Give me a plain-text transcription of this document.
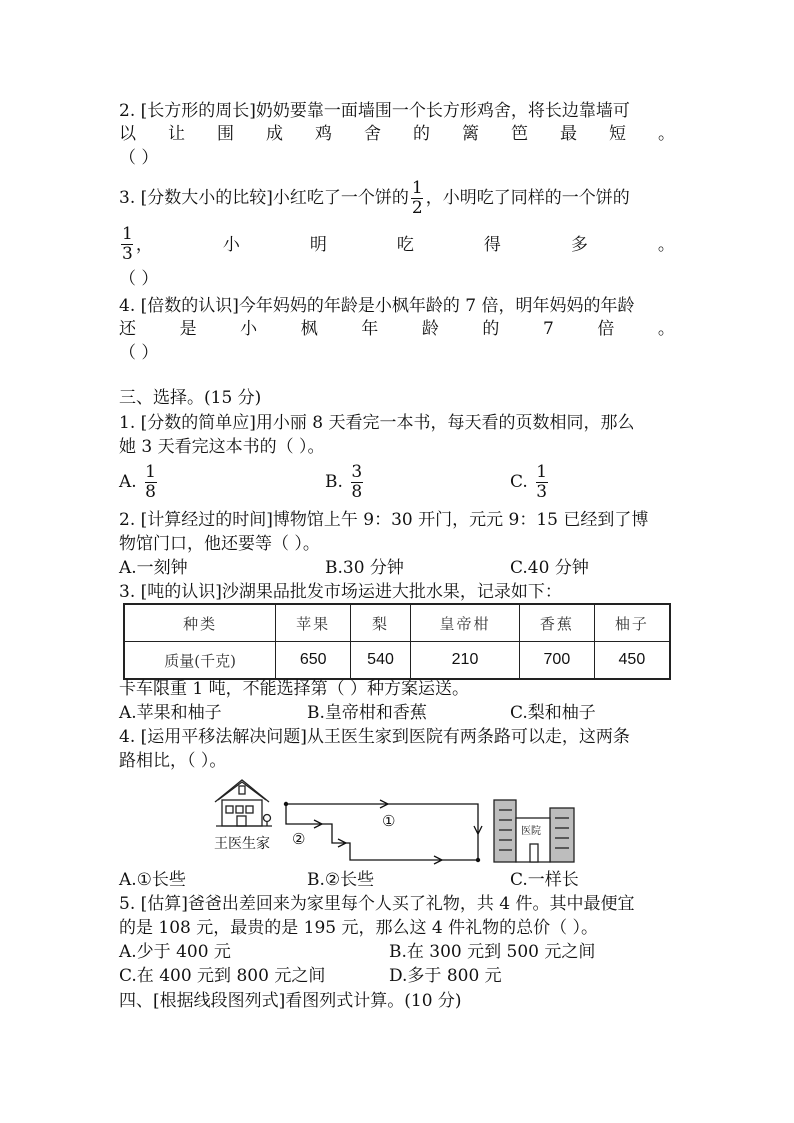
2. [长方形的周长]奶奶要靠一面墙围一个长方形鸡舍，将长边靠墙可
以 让 围 成 鸡 舍 的 篱 笆 最 短 。
（ ）
3. [分数大小的比较]小红吃了一个饼的 $\frac{1}{2}$ ，小明吃了同样的一个饼的
$\frac{1}{3}$ ，	小	明	吃	得	多	。
（ ）
4. [倍数的认识]今年妈妈的年龄是小枫年龄的 7 倍，明年妈妈的年龄
还	是	小	枫	年	龄	的	7	倍	。
（ ）
三、选择。(15 分)
1. [分数的简单应]用小丽 8 天看完一本书，每天看的页数相同，那么
她 3 天看完这本书的（ ）。
A. $\frac{1}{8}$	B. $\frac{3}{8}$	C. $\frac{1}{3}$
2. [计算经过的时间]博物馆上午 9：30 开门，元元 9：15 已经到了博
物馆门口，他还要等（ ）。
A.一刻钟	B.30 分钟	C.40 分钟
3. [吨的认识]沙湖果品批发市场运进大批水果，记录如下：
种类	苹果	梨	皇帝柑	香蕉	柚子
质量(千克)	650	540	210	700	450
卡车限重 1 吨，不能选择第（ ）种方案运送。
A.苹果和柚子	B.皇帝柑和香蕉	C.梨和柚子
4. [运用平移法解决问题]从王医生家到医院有两条路可以走，这两条
路相比，（ ）。
王医生家
①
②	医院
A.①长些	B.②长些	C.一样长
5. [估算]爸爸出差回来为家里每个人买了礼物，共 4 件。其中最便宜
的是 108 元，最贵的是 195 元，那么这 4 件礼物的总价（ ）。
A.少于 400 元	B.在 300 元到 500 元之间
C.在 400 元到 800 元之间	D.多于 800 元
四、[根据线段图列式]看图列式计算。(10 分)
